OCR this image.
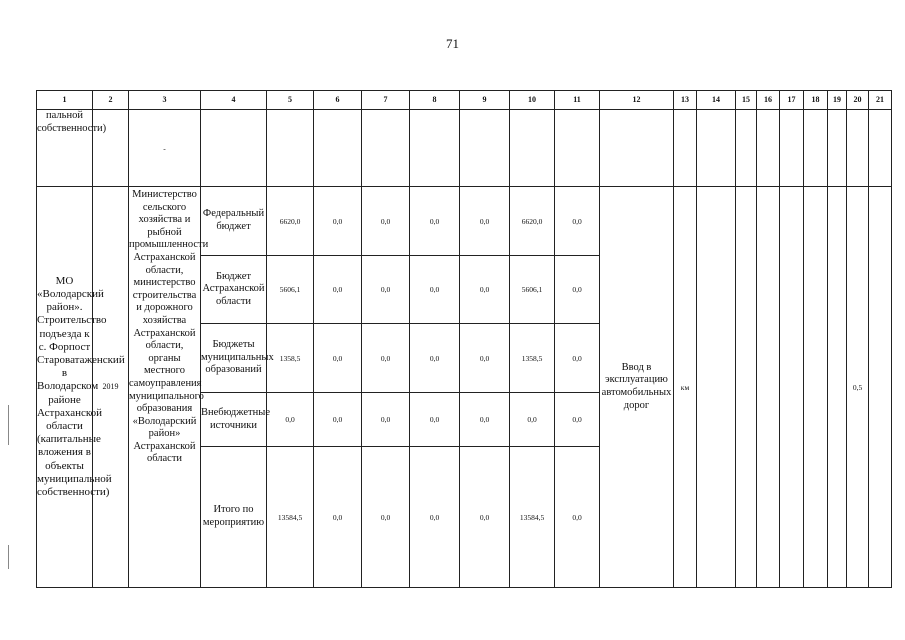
71
1	2	3	4	5	6	7	8	9	10	11	12	13	14	15	16	17	18	19	20	21
пальной собственности)		-																		
МО «Володарский район». Строительство подъезда к с. Форпост Староватаженский в Володарском районе Астраханской области (капитальные вложения в объекты муниципальной собственности)	2019	Министерство сельского хозяйства и рыбной промышленности Астраханской области, министерство строительства и дорожного хозяйства Астраханской области, органы местного самоуправления муниципального образования «Володарский район» Астраханской области	Федеральный бюджет	6620,0	0,0	0,0	0,0	0,0	6620,0	0,0	Ввод в эксплуатацию автомобильных дорог	км							0,5	
			Бюджет Астраханской области	5606,1	0,0	0,0	0,0	0,0	5606,1	0,0										
			Бюджеты муниципальных образований	1358,5	0,0	0,0	0,0	0,0	1358,5	0,0										
			Внебюджетные источники	0,0	0,0	0,0	0,0	0,0	0,0	0,0										
			Итого по мероприятию	13584,5	0,0	0,0	0,0	0,0	13584,5	0,0										
